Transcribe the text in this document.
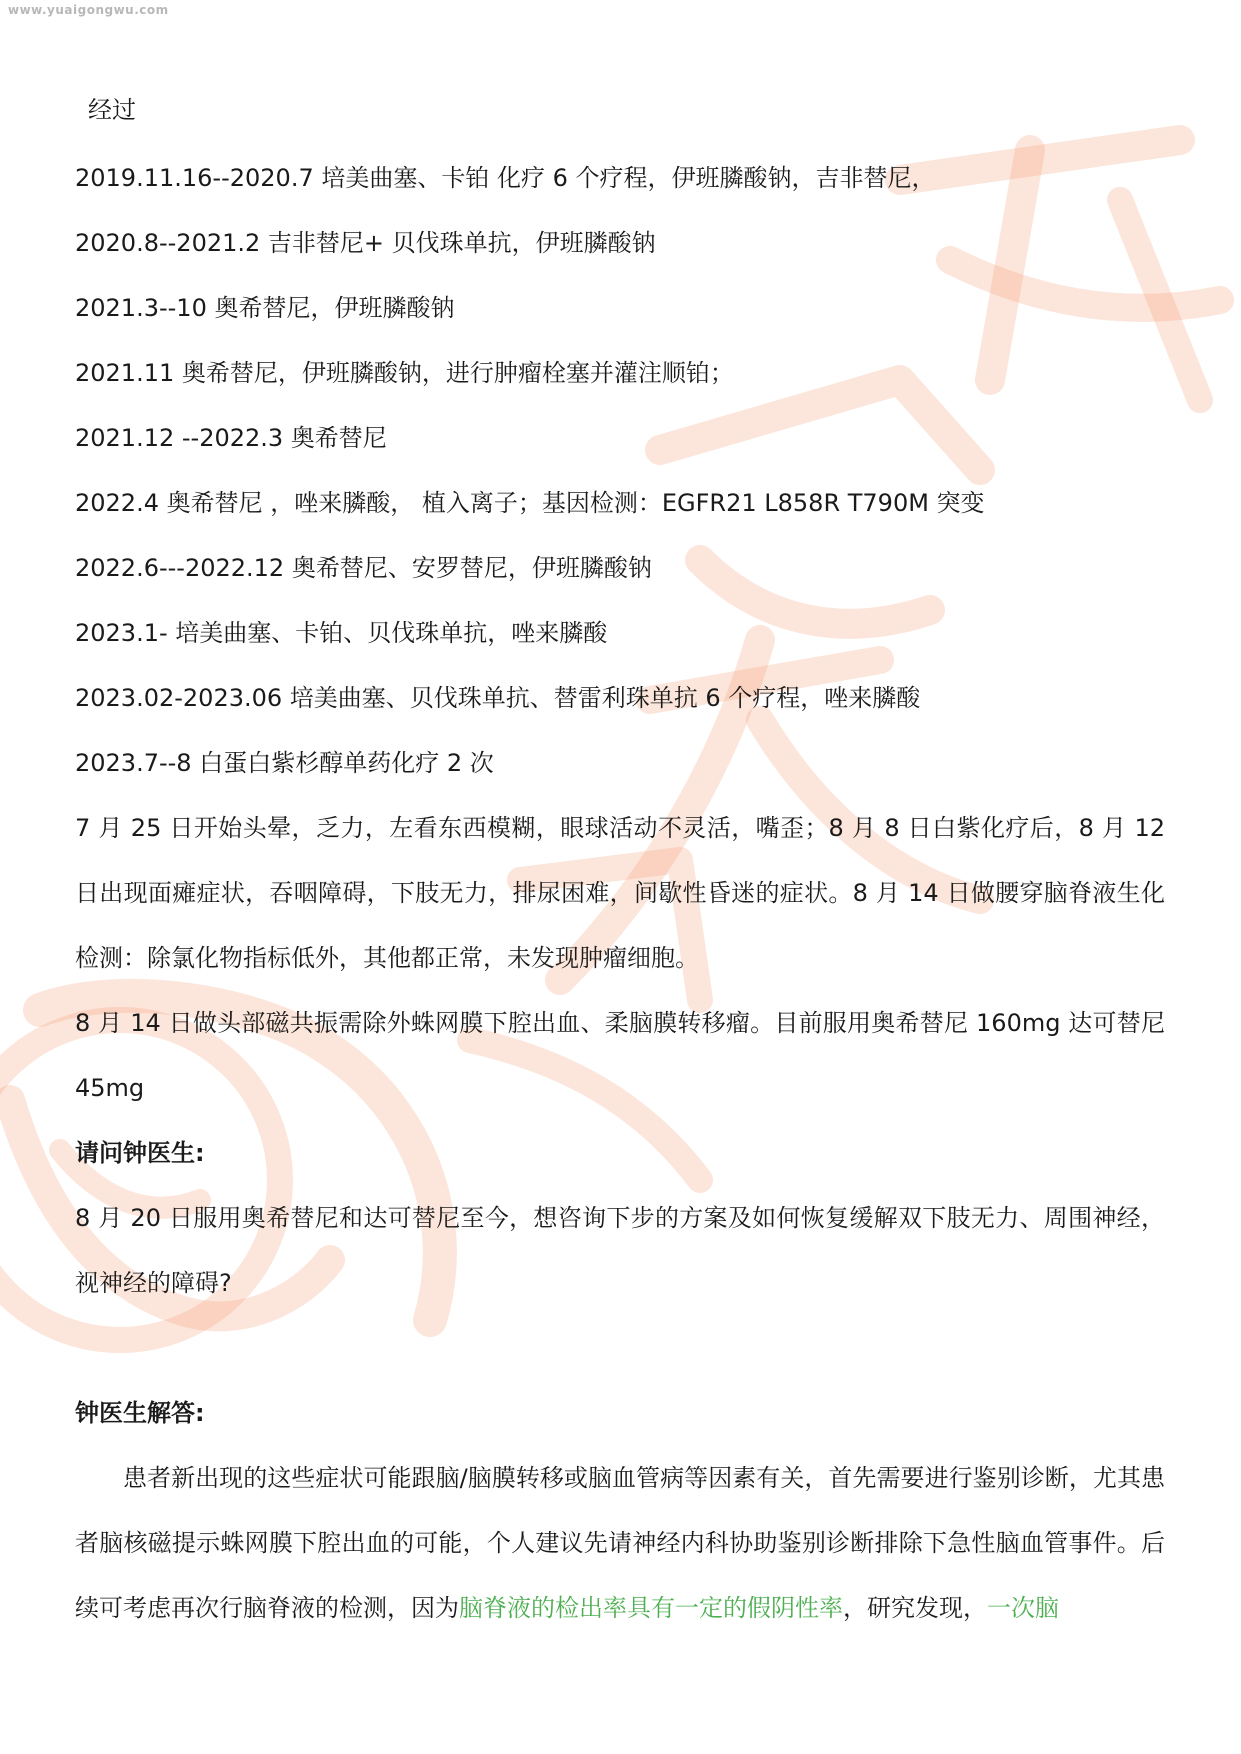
www.yuaigongwu.com
经过
2019.11.16--2020.7 培美曲塞、卡铂 化疗 6 个疗程，伊班膦酸钠，吉非替尼，
2020.8--2021.2 吉非替尼+ 贝伐珠单抗，伊班膦酸钠
2021.3--10 奥希替尼，伊班膦酸钠
2021.11 奥希替尼，伊班膦酸钠，进行肿瘤栓塞并灌注顺铂；
2021.12 --2022.3 奥希替尼
2022.4 奥希替尼 ，唑来膦酸， 植入离子；基因检测：EGFR21 L858R T790M 突变
2022.6---2022.12 奥希替尼、安罗替尼，伊班膦酸钠
2023.1- 培美曲塞、卡铂、贝伐珠单抗，唑来膦酸
2023.02-2023.06 培美曲塞、贝伐珠单抗、替雷利珠单抗 6 个疗程，唑来膦酸
2023.7--8 白蛋白紫杉醇单药化疗 2 次

7 月 25 日开始头晕，乏力，左看东西模糊，眼球活动不灵活，嘴歪；8 月 8 日白紫化疗后，8 月 12 日出现面瘫症状，吞咽障碍，下肢无力，排尿困难，间歇性昏迷的症状。8 月 14 日做腰穿脑脊液生化检测：除氯化物指标低外，其他都正常，未发现肿瘤细胞。

8 月 14 日做头部磁共振需除外蛛网膜下腔出血、柔脑膜转移瘤。目前服用奥希替尼 160mg 达可替尼 45mg

请问钟医生:

8 月 20 日服用奥希替尼和达可替尼至今，想咨询下步的方案及如何恢复缓解双下肢无力、周围神经，视神经的障碍?

钟医生解答:

患者新出现的这些症状可能跟脑/脑膜转移或脑血管病等因素有关，首先需要进行鉴别诊断，尤其患者脑核磁提示蛛网膜下腔出血的可能，个人建议先请神经内科协助鉴别诊断排除下急性脑血管事件。后续可考虑再次行脑脊液的检测，因为脑脊液的检出率具有一定的假阴性率，研究发现，一次脑
